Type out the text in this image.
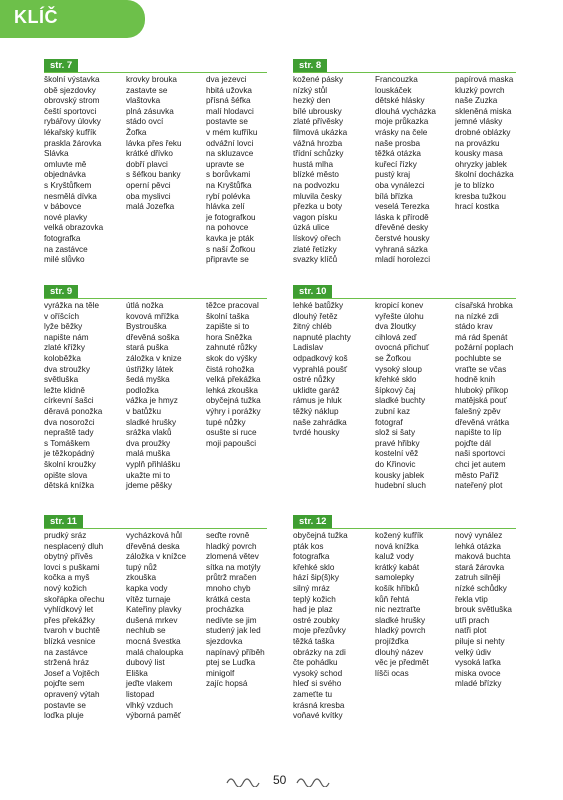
KLÍČ
str. 7
školní výstavka
obě sjezdovky
obrovský strom
čeští sportovci
rybářovy úlovky
lékařský kufřík
praskla žárovka
Slávka
omluvte mě
objednávka
s Kryštůfkem
nesmělá dívka
v bábovce
nové plavky
velká obrazovka
fotografka
na zastávce
milé slůvko
krovky brouka
zastavte se
vlaštovka
plná zásuvka
stádo ovcí
Žofka
lávka přes řeku
krátké dřívko
dobří plavci
s šéfkou banky
operní pěvci
oba myslivci
malá Jozefka
dva jezevci
hbitá užovka
přísná šéfka
malí hlodavci
postavte se
v mém kufříku
odvážní lovci
na skluzavce
upravte se
s borůvkami
na Kryštůfka
rybí polévka
hlávka zelí
je fotografkou
na pohovce
kavka je pták
s naší Žofkou
připravte se
str. 8
kožené pásky
nízký stůl
hezký den
bílé ubrousky
zlaté přívěsky
filmová ukázka
vážná hrozba
třídní schůzky
hustá mlha
blízké město
na podvozku
mluvila česky
přezka u boty
vagon písku
úzká ulice
lískový ořech
zlaté řetízky
svazky klíčů
Francouzka
louskáček
dětské hlásky
dlouhá vycházka
moje průkazka
vrásky na čele
naše prosba
těžká otázka
kuřecí řízky
pustý kraj
oba vynálezci
bílá břízka
veselá Terezka
láska k přírodě
dřevěné desky
čerstvé housky
vyhraná sázka
mladí horolezci
papírová maska
kluzký povrch
naše Zuzka
skleněná miska
jemné vlásky
drobné oblázky
na provázku
kousky masa
ohryzky jablek
školní docházka
je to blízko
kresba tužkou
hrací kostka
str. 9
vyrážka na těle
v oříšcích
lyže běžky
napište nám
zlaté křížky
koloběžka
dva stroužky
světluška
ležte klidně
církevní šašci
děravá ponožka
dva nosorožci
nepraště tady
s Tomáškem
je těžkopádný
školní kroužky
opište slova
dětská knížka
útlá nožka
kovová mřížka
Bystrouška
dřevěná soška
stará puška
záložka v knize
ústřižky látek
šedá myška
podložka
vážka je hmyz
v batůžku
sladké hrušky
srážka vlaků
dva proužky
malá muška
vyplň přihlášku
ukažte mi to
jdeme pěšky
těžce pracoval
školní taška
zapište si to
hora Sněžka
zahnuté růžky
skok do výšky
čistá rohožka
velká překážka
lehká zkouška
obyčejná tužka
výhry i porážky
tupé nůžky
osušte si ruce
moji papoušci
str. 10
lehké batůžky
dlouhý řetěz
žitný chléb
napnuté plachty
Ladislav
odpadkový koš
vyprahlá poušť
ostré nůžky
uklidte garáž
rámus je hluk
těžký náklup
naše zahrádka
tvrdé housky
kropicí konev
vyřešte úlohu
dva žloutky
cihlová zeď
ovocná přichuť
se Žofkou
vysoký sloup
křehké sklo
šípkový čaj
sladké buchty
zubní kaz
fotograf
slož si šaty
pravé hřibky
kostelní věž
do Křinovic
kousky jablek
hudební sluch
císařská hrobka
na nízké zdi
stádo krav
má rád špenát
požární poplach
pochlubte se
vraťte se včas
hodně knih
hluboký příkop
matějská pouť
falešný zpěv
dřevěná vrátka
napište to líp
pojďte dál
naši sportovci
chci jet autem
město Paříž
nateřený plot
str. 11
prudký sráz
nesplacený dluh
obytný přívěs
lovci s puškami
kočka a myš
nový kožich
skořápka ořechu
vyhlídkový let
přes překážky
tvaroh v buchtě
blízká vesnice
na zastávce
stržená hráz
Josef a Vojtěch
pojďte sem
opravený výtah
postavte se
loďka pluje
vycházková hůl
dřevěná deska
záložka v knížce
tupý nůž
zkouška
kapka vody
vítěz turnaje
Kateřiny plavky
dušená mrkev
nechlub se
mocná švestka
malá chaloupka
dubový list
Eliška
jeďte vlakem
listopad
vlhký vzduch
výborná paměť
seďte rovně
hladký povrch
zlomená větev
sítka na motýly
průtrž mračen
mnoho chyb
krátká cesta
procházka
nedívte se jim
studený jak led
sjezdovka
napínavý příběh
ptej se Luďka
minigolf
zajíc hopsá
str. 12
obyčejná tužka
pták kos
fotografka
křehké sklo
hází šip(š)ky
silný mráz
teplý kožich
had je plaz
ostré zoubky
moje přezůvky
těžká taška
obrázky na zdi
čte pohádku
vysoký schod
hleď si svého
zameťte tu
krásná kresba
voňavé kvítky
kožený kufřík
nová knížka
kaluž vody
krátký kabát
samolepky
košík hříbků
kůň řehtá
nic neztraťte
sladké hrušky
hladký povrch
projížďka
dlouhý název
věc je předmět
líšči ocas
nový vynález
lehká otázka
maková buchta
stará žárovka
zatruh silněji
nízké schůdky
řekla vtip
brouk světluška
utři prach
natři plot
piluje si nehty
velký údiv
vysoká laťka
miska ovoce
mladé břízky
50
